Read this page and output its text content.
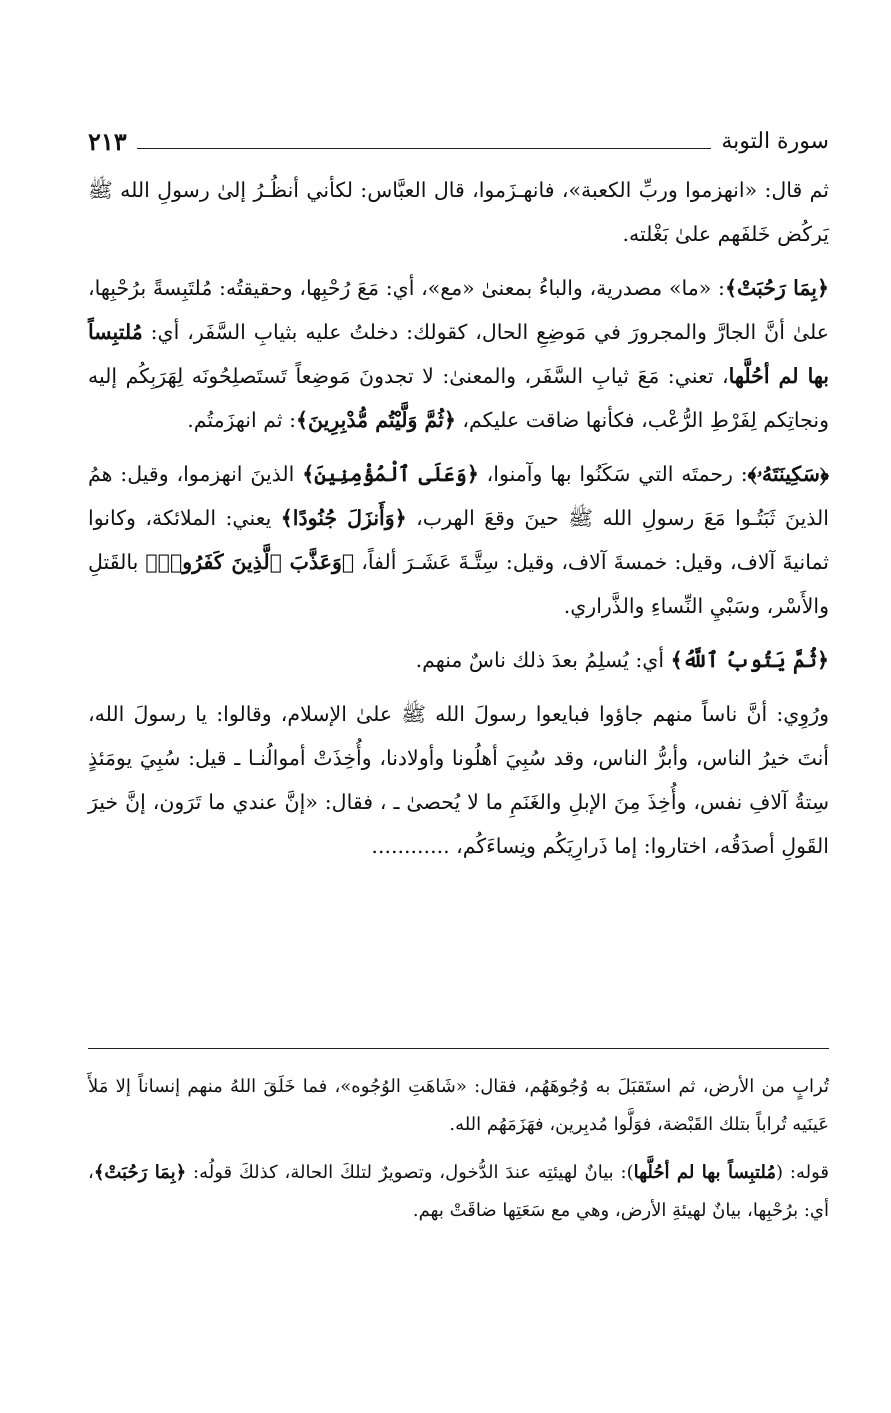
سورة التوبة
٢١٣

ثم قال: «انهزموا وربِّ الكعبة»، فانهـزَموا، قال العبَّاس: لكأني أنظُـرُ إلىٰ رسولِ الله ﷺ يَركُض خَلفَهم علىٰ بَغْلته.

﴿بِمَا رَحُبَتْ﴾: «ما» مصدرية، والباءُ بمعنىٰ «مع»، أي: مَعَ رُحْبِها، وحقيقتُه: مُلتَبِسةً برُحْبِها، علىٰ أنَّ الجارَّ والمجرورَ في مَوضِعِ الحال، كقولك: دخلتُ عليه بثيابِ السَّفَر، أي: مُلتبِساً بها لم أحُلَّها، تعني: مَعَ ثيابِ السَّفَر، والمعنىٰ: لا تجدونَ مَوضِعاً تَستَصلِحُونَه لِهَرَبِكُم إليه ونجاتِكم لِفَرْطِ الرُّعْب، فكأنها ضاقت عليكم، ﴿ثُمَّ وَلَّيْتُم مُّدْبِرِينَ﴾: ثم انهزَمتُم.

﴿سَكِينَتَهُۥ﴾: رحمتَه التي سَكَنُوا بها وآمنوا، ﴿وَعَلَى ٱلْمُؤْمِنِينَ﴾ الذينَ انهزموا، وقيل: همُ الذينَ ثَبَتُـوا مَعَ رسولِ الله ﷺ حينَ وقعَ الهرب، ﴿وَأَنزَلَ جُنُودًا﴾ يعني: الملائكة، وكانوا ثمانيةَ آلاف، وقيل: خمسةَ آلاف، وقيل: سِتَّـةَ عَشَـرَ ألفاً، ﴿وَعَذَّبَ ٱلَّذِينَ كَفَرُوا۟﴾ بالقَتلِ والأَسْر، وسَبْيِ النِّساءِ والذَّراري.

﴿ثُمَّ يَتُوبُ ٱللَّهُ﴾ أي: يُسلِمُ بعدَ ذلك ناسٌ منهم.

ورُوِي: أنَّ ناساً منهم جاؤوا فبايعوا رسولَ الله ﷺ علىٰ الإسلام، وقالوا: يا رسولَ الله، أنتَ خيرُ الناس، وأبرُّ الناس، وقد سُبِيَ أهلُونا وأولادنا، وأُخِذَتْ أموالُنـا ـ قيل: سُبِيَ يومَئذٍ سِتةُ آلافِ نفس، وأُخِذَ مِنَ الإبلِ والغَنَمِ ما لا يُحصىٰ ـ ، فقال: «إنَّ عندي ما تَرَون، إنَّ خيرَ القَولِ أصدَقُه، اختاروا: إما ذَرارِيَكُم ونِساءَكُم، ............

تُرابٍ من الأرض، ثم استَقبَلَ به وُجُوهَهُم، فقال: «شَاهَتِ الوُجُوه»، فما خَلَقَ اللهُ منهم إنساناً إلا مَلأَ عَينَيه تُراباً بتلك القَبْضة، فوَلَّوا مُدبِرين، فهَزَمَهُم الله.

قوله: (مُلتبِساً بها لم أحُلَّها): بيانٌ لهيئتِه عندَ الدُّخول، وتصويرٌ لتلكَ الحالة، كذلكَ قولُه: ﴿بِمَا رَحُبَتْ﴾، أي: برُحْبِها، بيانٌ لهيئةِ الأرض، وهي مع سَعَتِها ضاقَتْ بهم.
